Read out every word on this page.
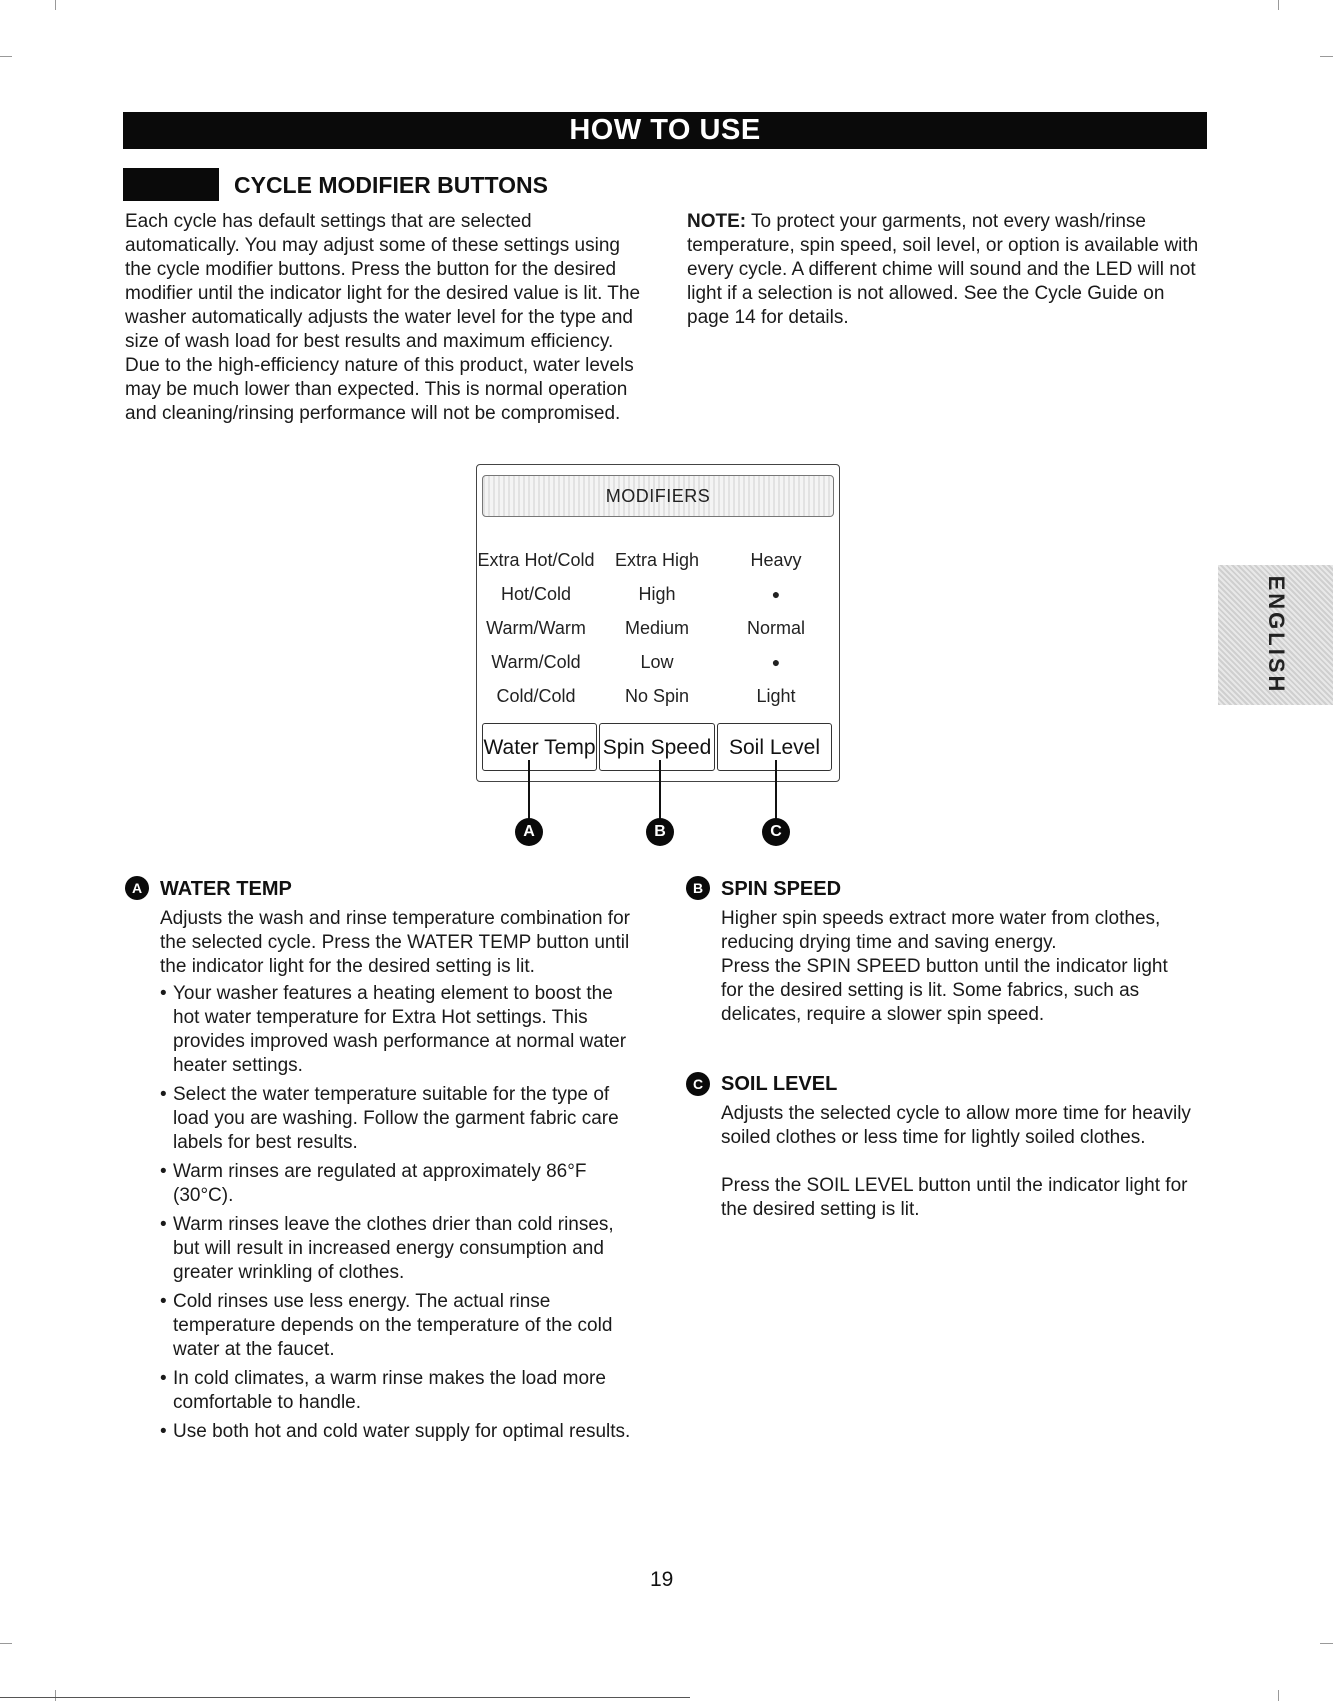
HOW TO USE
CYCLE MODIFIER BUTTONS

Each cycle has default settings that are selected automatically. You may adjust some of these settings using the cycle modifier buttons. Press the button for the desired modifier until the indicator light for the desired value is lit. The washer automatically adjusts the water level for the type and size of wash load for best results and maximum efficiency. Due to the high-efficiency nature of this product, water levels may be much lower than expected. This is normal operation and cleaning/rinsing performance will not be compromised.

NOTE: To protect your garments, not every wash/rinse temperature, spin speed, soil level, or option is available with every cycle. A different chime will sound and the LED will not light if a selection is not allowed. See the Cycle Guide on page 14 for details.

MODIFIERS
Extra Hot/Cold
Hot/Cold
Warm/Warm
Warm/Cold
Cold/Cold
Extra High
High
Medium
Low
No Spin
Heavy
●
Normal
●
Light
Water Temp Spin Speed Soil Level
A	B	C
A WATER TEMP

Adjusts the wash and rinse temperature combination for the selected cycle. Press the WATER TEMP button until the indicator light for the desired setting is lit.

• Your washer features a heating element to boost the hot water temperature for Extra Hot settings. This provides improved wash performance at normal water heater settings.
• Select the water temperature suitable for the type of load you are washing. Follow the garment fabric care labels for best results.
• Warm rinses are regulated at approximately 86°F (30°C).
• Warm rinses leave the clothes drier than cold rinses, but will result in increased energy consumption and greater wrinkling of clothes.
• Cold rinses use less energy. The actual rinse temperature depends on the temperature of the cold water at the faucet.
• In cold climates, a warm rinse makes the load more comfortable to handle.
• Use both hot and cold water supply for optimal results.
B SPIN SPEED

Higher spin speeds extract more water from clothes, reducing drying time and saving energy.

Press the SPIN SPEED button until the indicator light for the desired setting is lit. Some fabrics, such as delicates, require a slower spin speed.

C SOIL LEVEL

Adjusts the selected cycle to allow more time for heavily soiled clothes or less time for lightly soiled clothes.

Press the SOIL LEVEL button until the indicator light for the desired setting is lit.

ENGLISH
19
